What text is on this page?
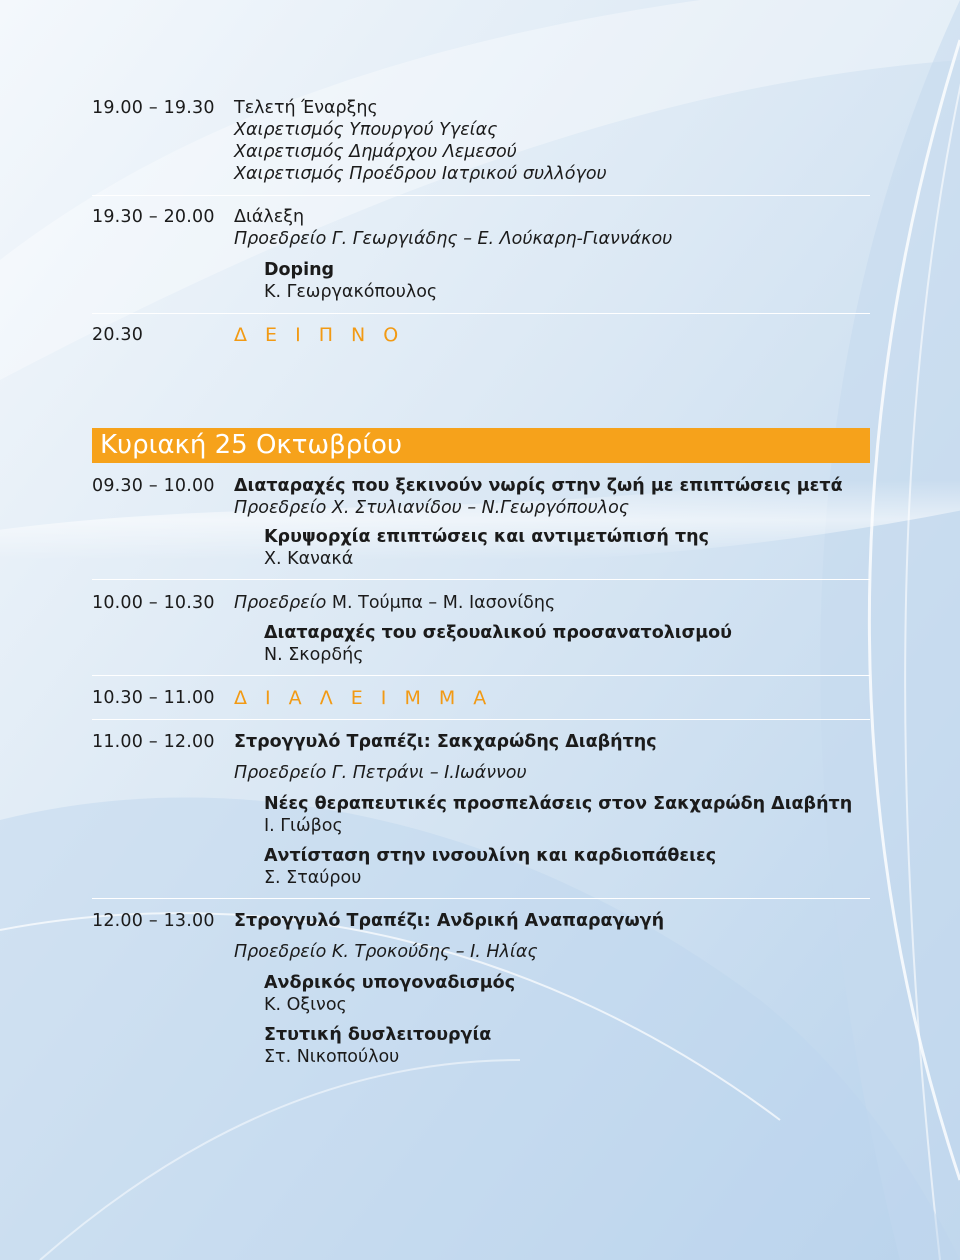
19.00 – 19.30 Τελετή Έναρξης
Χαιρετισμός Υπουργού Υγείας
Χαιρετισμός Δημάρχου Λεμεσού
Χαιρετισμός Προέδρου Ιατρικού συλλόγου
19.30 – 20.00 Διάλεξη
Προεδρείο Γ. Γεωργιάδης – Ε. Λούκαρη-Γιαννάκου
Doping
Κ. Γεωργακόπουλος
20.30	Δ Ε Ι Π Ν Ο
Κυριακή 25 Οκτωβρίου
09.30 – 10.00 Διαταραχές που ξεκινούν νωρίς στην ζωή με επιπτώσεις μετά
Προεδρείο Χ. Στυλιανίδου – Ν.Γεωργόπουλος
Κρυψορχία επιπτώσεις και αντιμετώπισή της
Χ. Κανακά
10.00 – 10.30 Προεδρείο Μ. Τούμπα – Μ. Ιασονίδης
Διαταραχές του σεξουαλικού προσανατολισμού
Ν. Σκορδής
10.30 – 11.00 Δ Ι Α Λ Ε Ι Μ Μ Α
11.00 – 12.00 Στρογγυλό Τραπέζι: Σακχαρώδης Διαβήτης
Προεδρείο Γ. Πετράνι – Ι.Ιωάννου
Νέες θεραπευτικές προσπελάσεις στον Σακχαρώδη Διαβήτη
Ι. Γιώβος
Αντίσταση στην ινσουλίνη και καρδιοπάθειες
Σ. Σταύρου
12.00 – 13.00 Στρογγυλό Τραπέζι: Ανδρική Αναπαραγωγή
Προεδρείο Κ. Τροκούδης – Ι. Ηλίας
Ανδρικός υπογοναδισμός
Κ. Οξινος
Στυτική δυσλειτουργία
Στ. Νικοπούλου
